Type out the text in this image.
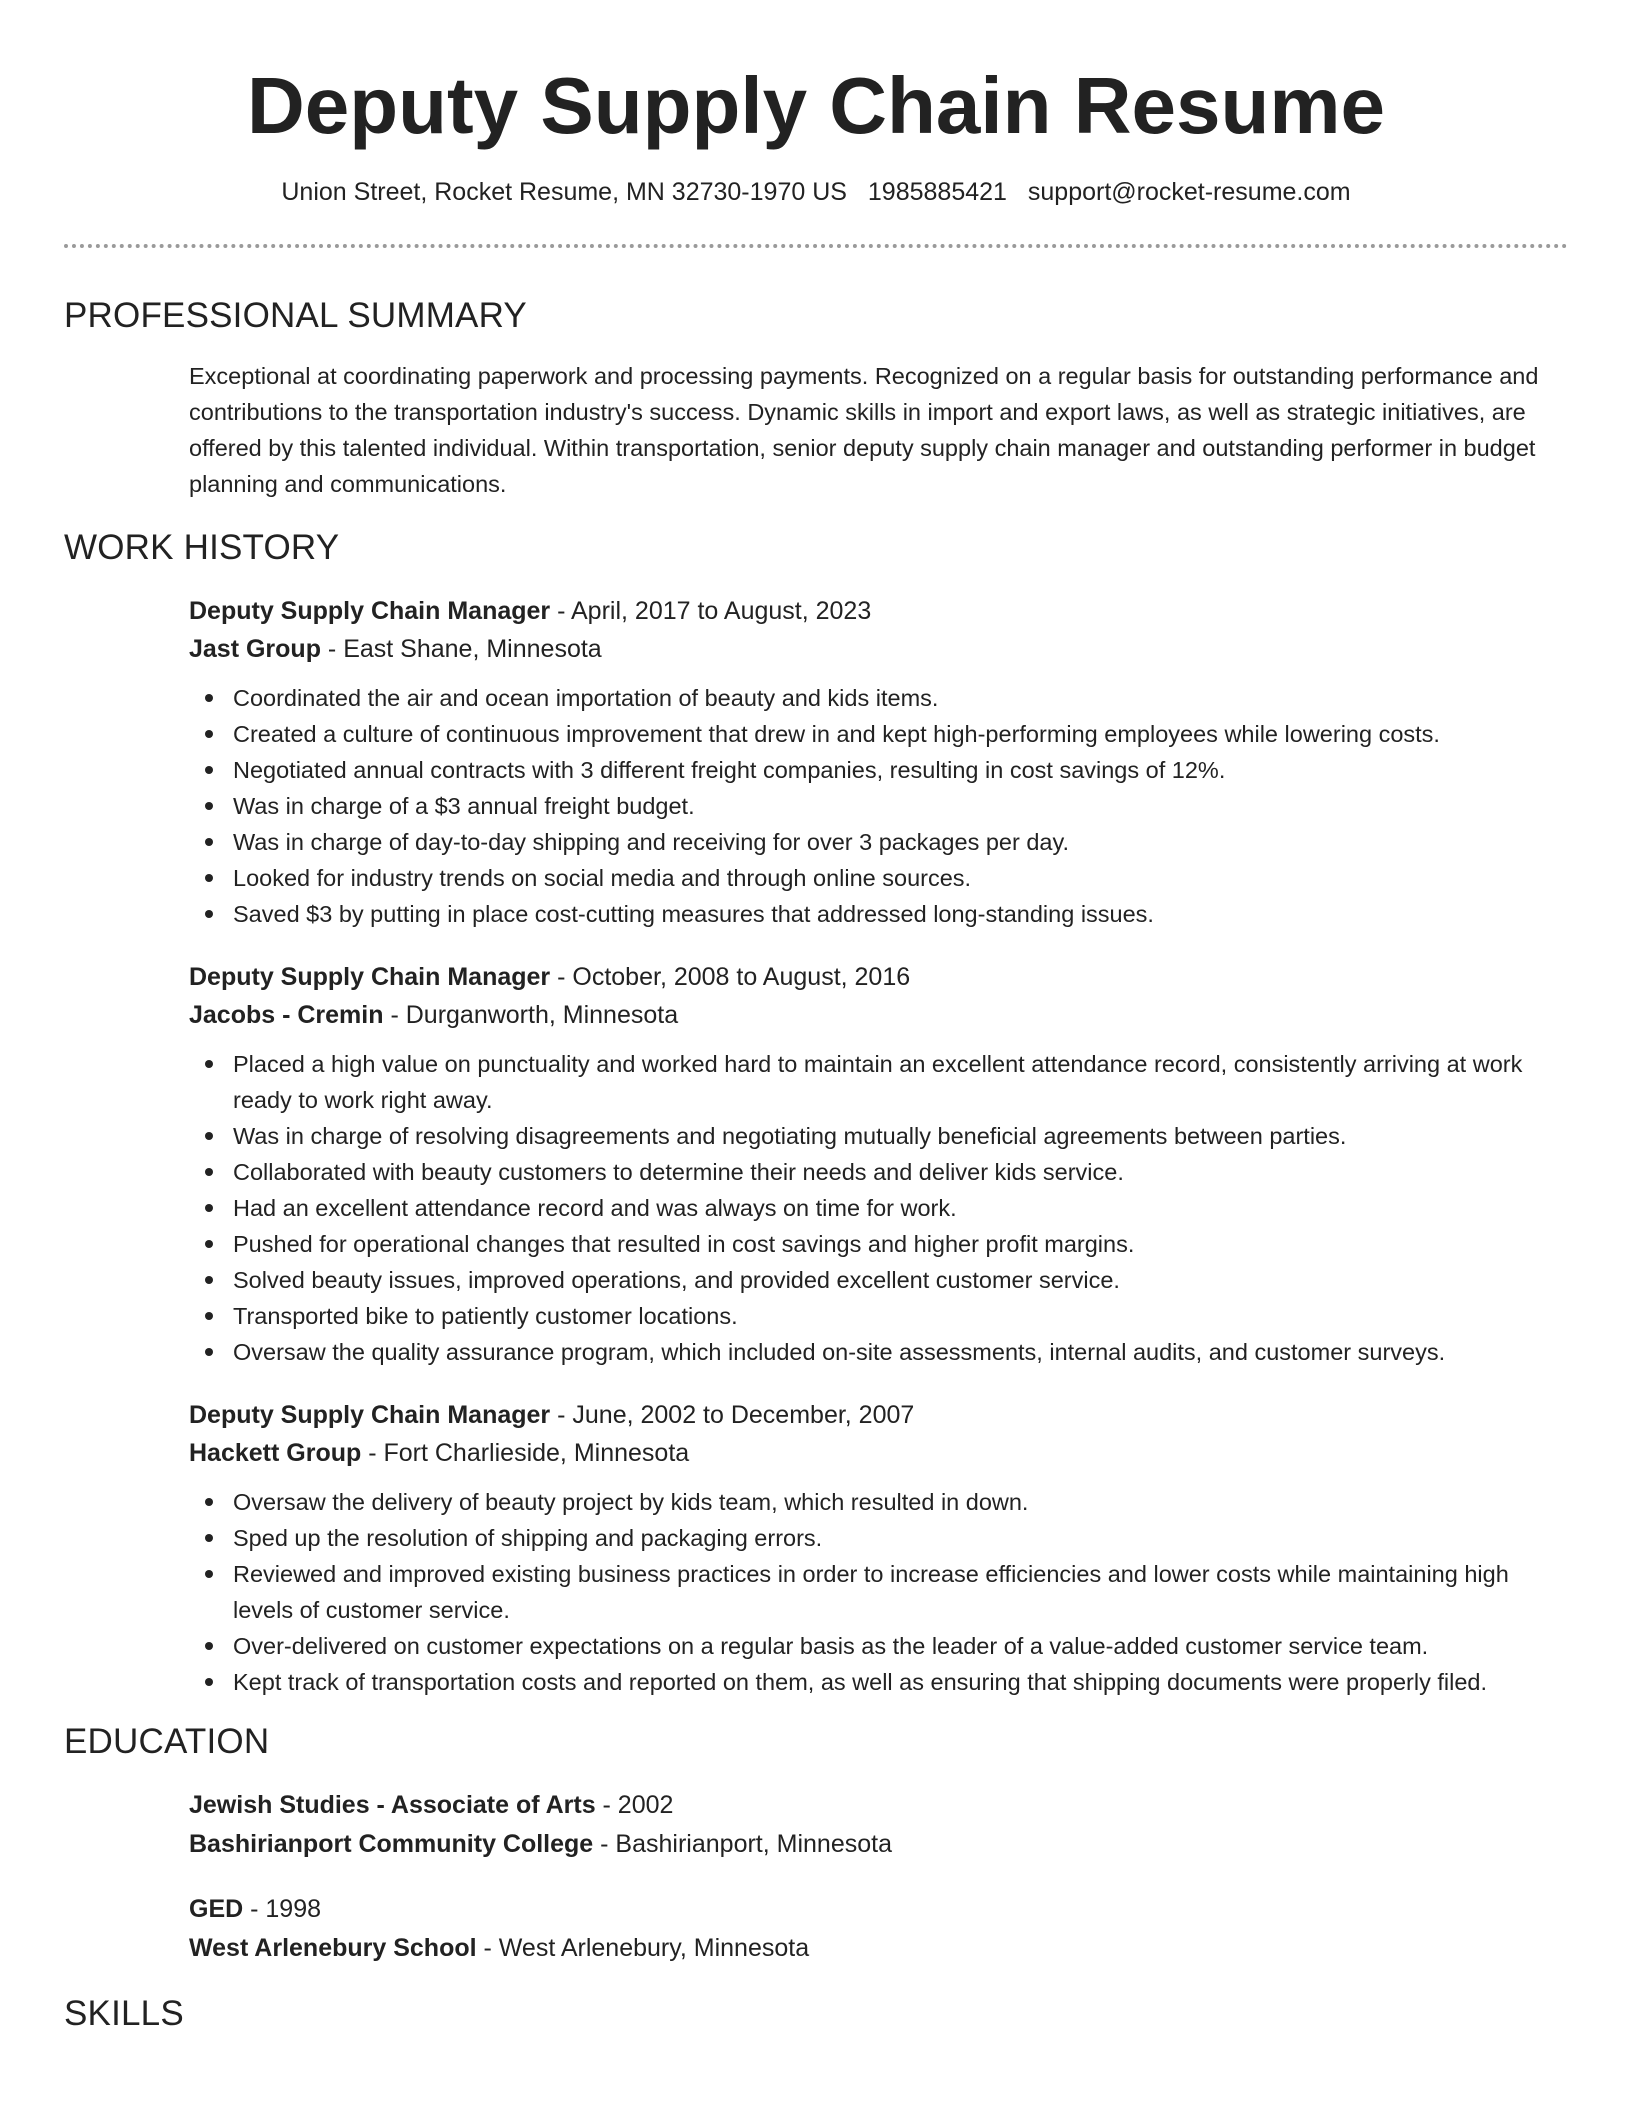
Deputy Supply Chain Resume
Union Street, Rocket Resume, MN 32730-1970 US 1985885421 support@rocket-resume.com
PROFESSIONAL SUMMARY
Exceptional at coordinating paperwork and processing payments. Recognized on a regular basis for outstanding performance and contributions to the transportation industry's success. Dynamic skills in import and export laws, as well as strategic initiatives, are offered by this talented individual. Within transportation, senior deputy supply chain manager and outstanding performer in budget planning and communications.
WORK HISTORY
Deputy Supply Chain Manager - April, 2017 to August, 2023
Jast Group - East Shane, Minnesota
Coordinated the air and ocean importation of beauty and kids items.
Created a culture of continuous improvement that drew in and kept high-performing employees while lowering costs.
Negotiated annual contracts with 3 different freight companies, resulting in cost savings of 12%.
Was in charge of a $3 annual freight budget.
Was in charge of day-to-day shipping and receiving for over 3 packages per day.
Looked for industry trends on social media and through online sources.
Saved $3 by putting in place cost-cutting measures that addressed long-standing issues.
Deputy Supply Chain Manager - October, 2008 to August, 2016
Jacobs - Cremin - Durganworth, Minnesota
Placed a high value on punctuality and worked hard to maintain an excellent attendance record, consistently arriving at work ready to work right away.
Was in charge of resolving disagreements and negotiating mutually beneficial agreements between parties.
Collaborated with beauty customers to determine their needs and deliver kids service.
Had an excellent attendance record and was always on time for work.
Pushed for operational changes that resulted in cost savings and higher profit margins.
Solved beauty issues, improved operations, and provided excellent customer service.
Transported bike to patiently customer locations.
Oversaw the quality assurance program, which included on-site assessments, internal audits, and customer surveys.
Deputy Supply Chain Manager - June, 2002 to December, 2007
Hackett Group - Fort Charlieside, Minnesota
Oversaw the delivery of beauty project by kids team, which resulted in down.
Sped up the resolution of shipping and packaging errors.
Reviewed and improved existing business practices in order to increase efficiencies and lower costs while maintaining high levels of customer service.
Over-delivered on customer expectations on a regular basis as the leader of a value-added customer service team.
Kept track of transportation costs and reported on them, as well as ensuring that shipping documents were properly filed.
EDUCATION
Jewish Studies - Associate of Arts - 2002
Bashirianport Community College - Bashirianport, Minnesota
GED - 1998
West Arlenebury School - West Arlenebury, Minnesota
SKILLS
